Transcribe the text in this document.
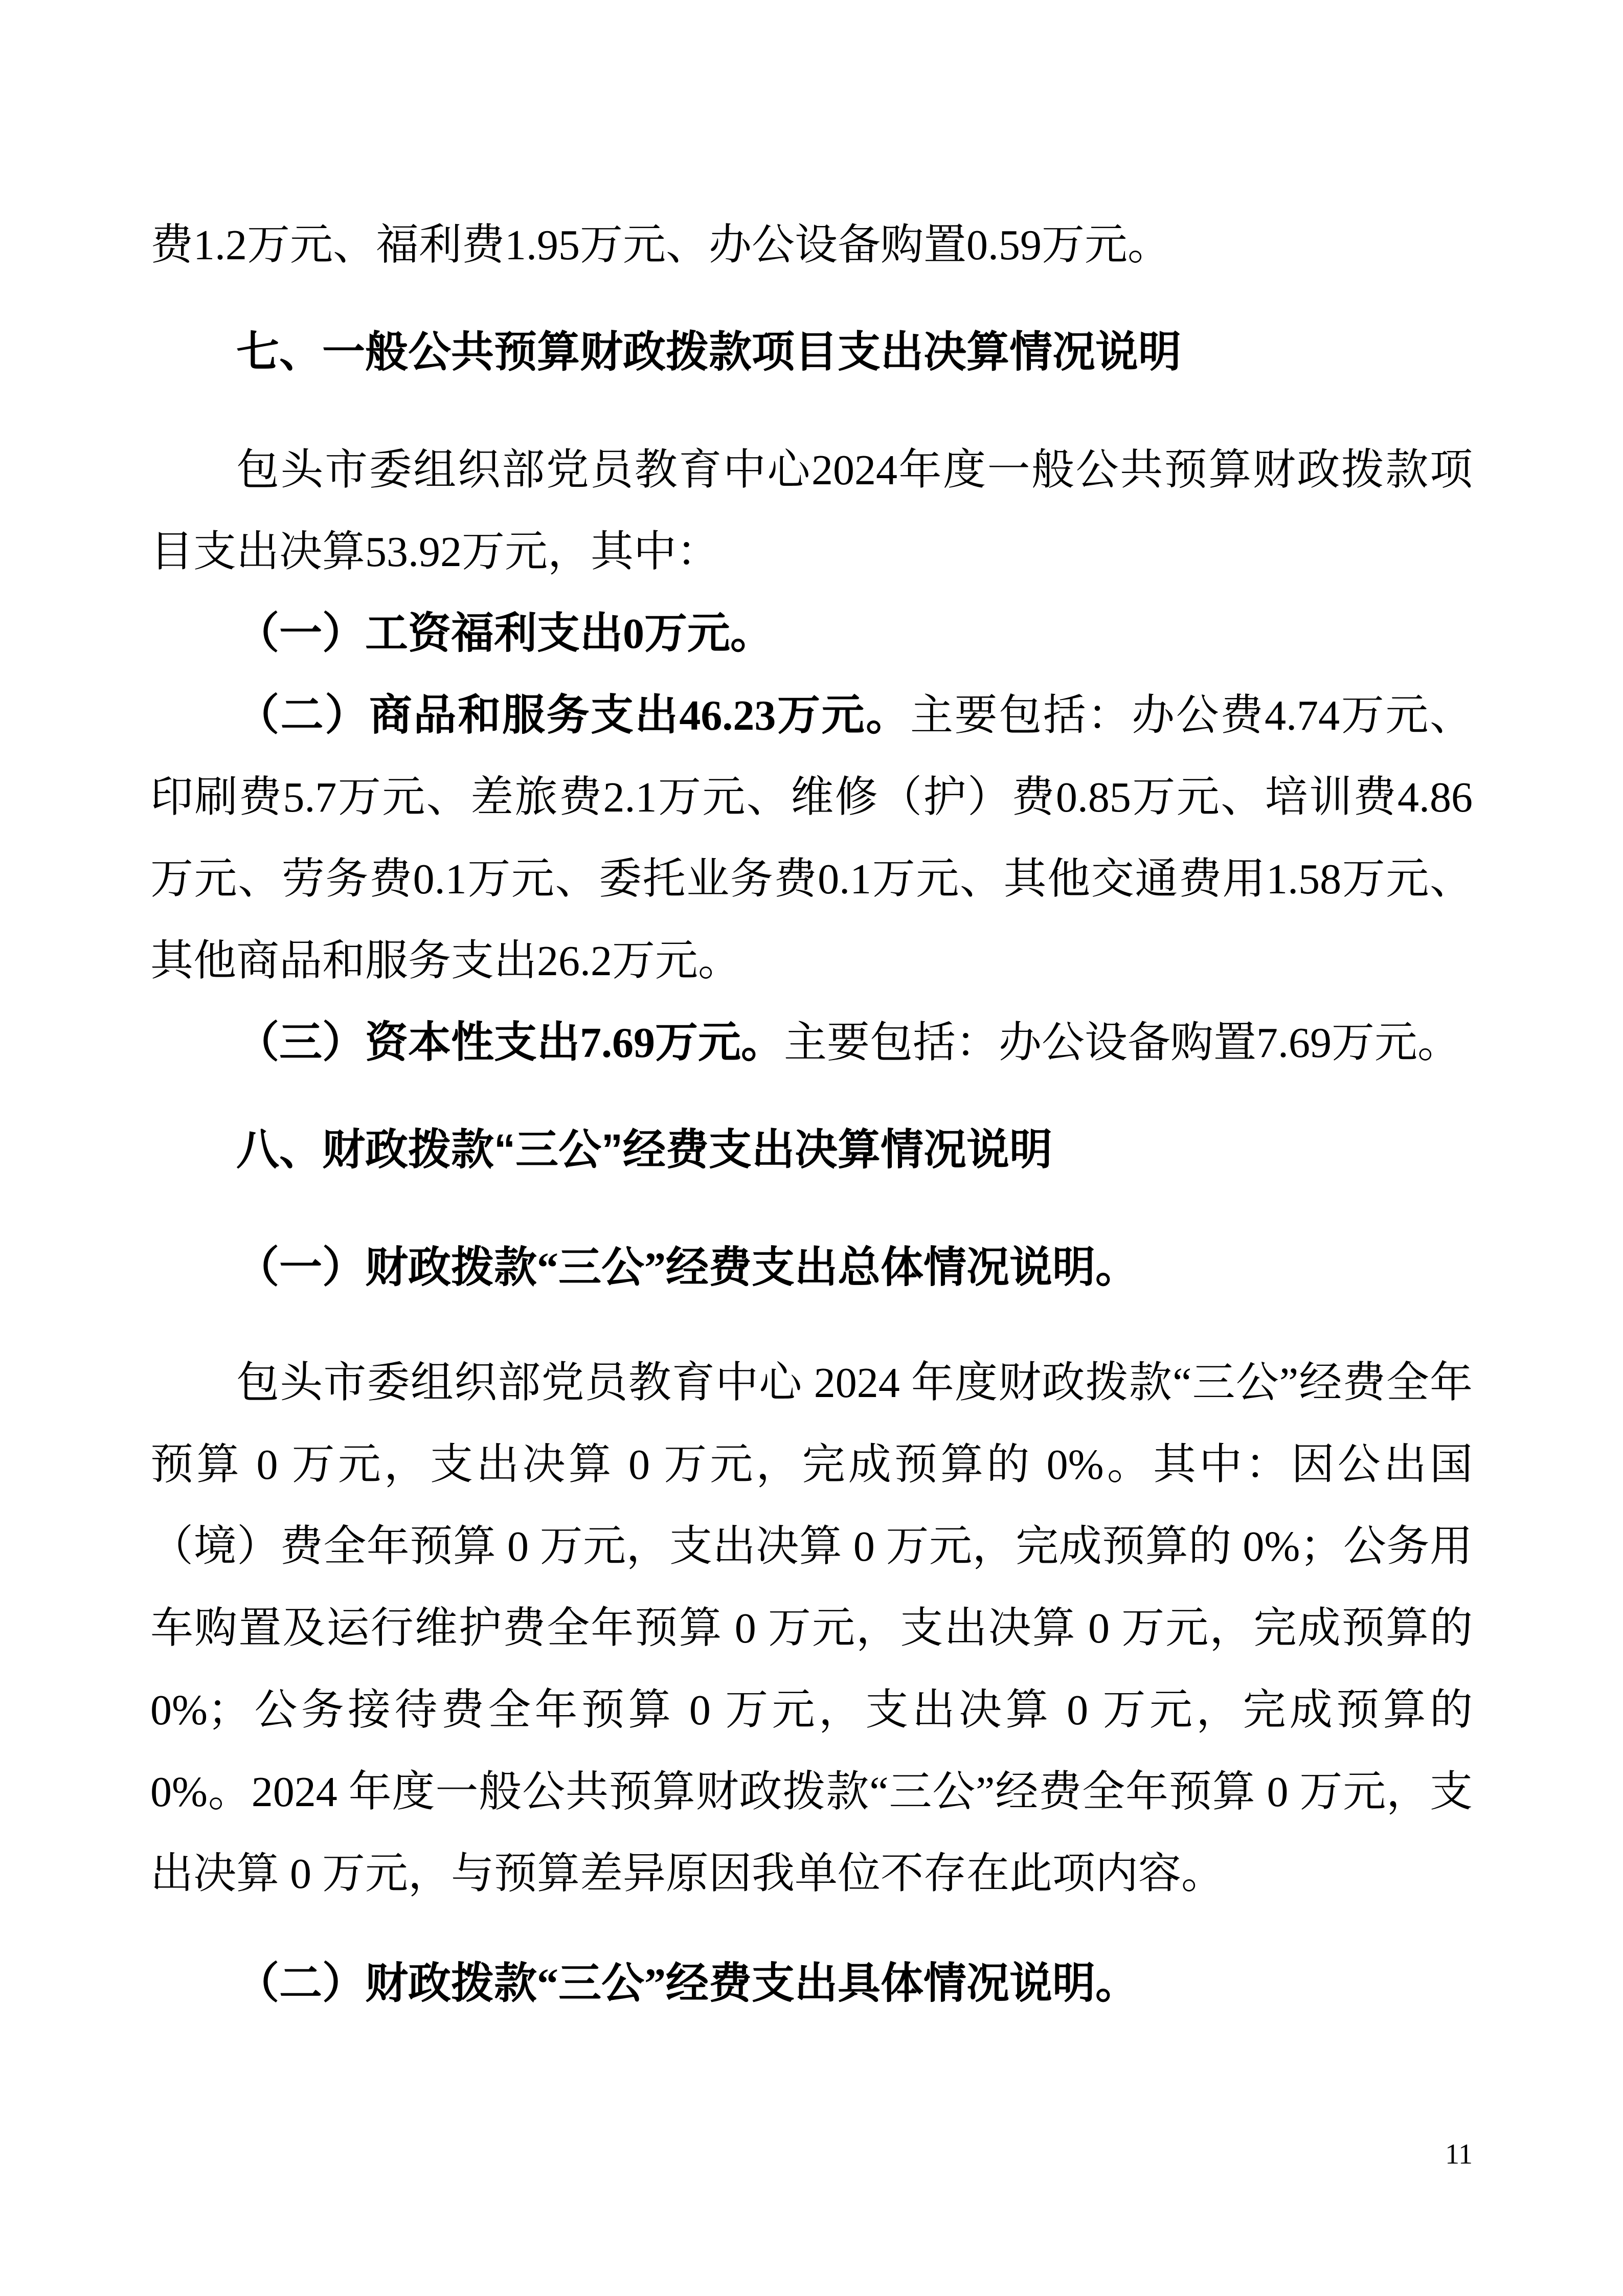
费1.2万元、福利费1.95万元、办公设备购置0.59万元。

七、一般公共预算财政拨款项目支出决算情况说明

包头市委组织部党员教育中心2024年度一般公共预算财政拨款项目支出决算53.92万元，其中：

（一）工资福利支出0万元。

（二）商品和服务支出46.23万元。主要包括：办公费4.74万元、印刷费5.7万元、差旅费2.1万元、维修（护）费0.85万元、培训费4.86万元、劳务费0.1万元、委托业务费0.1万元、其他交通费用1.58万元、其他商品和服务支出26.2万元。

（三）资本性支出7.69万元。主要包括：办公设备购置7.69万元。

八、财政拨款“三公”经费支出决算情况说明

（一）财政拨款“三公”经费支出总体情况说明。

包头市委组织部党员教育中心 2024 年度财政拨款“三公”经费全年预算 0 万元，支出决算 0 万元，完成预算的 0%。其中：因公出国（境）费全年预算 0 万元，支出决算 0 万元，完成预算的 0%；公务用车购置及运行维护费全年预算 0 万元，支出决算 0 万元，完成预算的 0%；公务接待费全年预算 0 万元，支出决算 0 万元，完成预算的 0%。2024 年度一般公共预算财政拨款“三公”经费全年预算 0 万元，支出决算 0 万元，与预算差异原因我单位不存在此项内容。

（二）财政拨款“三公”经费支出具体情况说明。

11
